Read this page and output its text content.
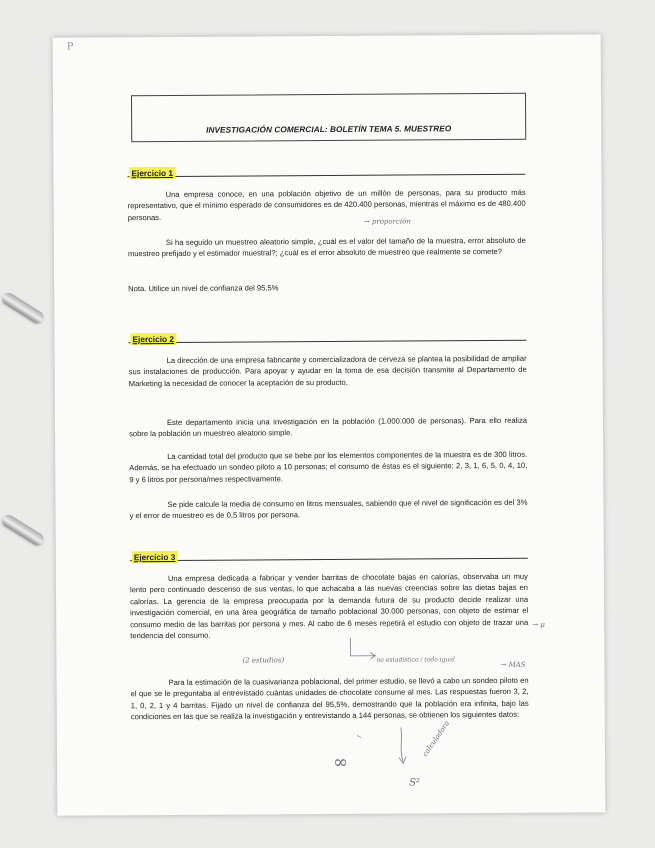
P
INVESTIGACIÓN COMERCIAL: BOLETÍN TEMA 5. MUESTREO
Ejercicio 1
Una empresa conoce, en una población objetivo de un millón de personas, para su producto más representativo, que el mínimo esperado de consumidores es de 420.400 personas, mientras el máximo es de 480.400 personas.	→ proporción
Si ha seguido un muestreo aleatorio simple, ¿cuál es el valor del tamaño de la muestra, error absoluto de muestreo prefijado y el estimador muestral?; ¿cuál es el error absoluto de muestreo que realmente se comete?
Nota. Utilice un nivel de confianza del 95,5%
Ejercicio 2
La dirección de una empresa fabricante y comercializadora de cerveza se plantea la posibilidad de ampliar sus instalaciones de producción. Para apoyar y ayudar en la toma de esa decisión transmite al Departamento de Marketing la necesidad de conocer la aceptación de su producto.
Este departamento inicia una investigación en la población (1.000.000 de personas). Para ello realiza sobre la población un muestreo aleatorio simple.
La cantidad total del producto que se bebe por los elementos componentes de la muestra es de 300 litros. Además, se ha efectuado un sondeo piloto a 10 personas; el consumo de éstas es el siguiente: 2, 3, 1, 6, 5, 0, 4, 10, 9 y 6 litros por persona/mes respectivamente.
Se pide calcule la media de consumo en litros mensuales, sabiendo que el nivel de significación es del 3% y el error de muestreo es de 0,5 litros por persona.
Ejercicio 3
Una empresa dedicada a fabricar y vender barritas de chocolate bajas en calorías, observaba un muy lento pero continuado descenso de sus ventas, lo que achacaba a las nuevas creencias sobre las dietas bajas en calorías. La gerencia de la empresa preocupada por la demanda futura de su producto decide realizar una investigación comercial, en una área geográfica de tamaño poblacional 30.000 personas, con objeto de estimar el consumo medio de las barritas por persona y mes. Al cabo de 6 meses repetirá el estudio con objeto de trazar una tendencia del consumo.
→ μ
(2 estudios)	no estadístico / todo igual
→ MAS
Para la estimación de la cuasivarianza poblacional, del primer estudio, se llevó a cabo un sondeo piloto en el que se le preguntaba al entrevistado cuántas unidades de chocolate consume al mes. Las respuestas fueron 3, 2, 1, 0, 2, 1 y 4 barritas. Fijado un nivel de confianza del 95,5%, demostrando que la población era infinita, bajo las condiciones en las que se realiza la investigación y entrevistando a 144 personas, se obtienen los siguientes datos:
∞
S²
calculadora
